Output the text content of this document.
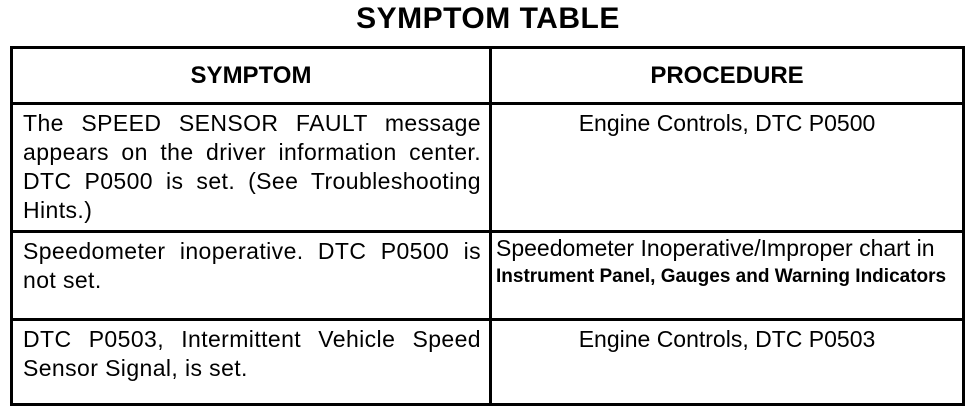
SYMPTOM TABLE
SYMPTOM	PROCEDURE
The SPEED SENSOR FAULT message appears on the driver information center. DTC P0500 is set. (See Troubleshooting Hints.)
Engine Controls, DTC P0500
Speedometer inoperative. DTC P0500 is not set.
Speedometer Inoperative/Improper chart in Instrument Panel, Gauges and Warning Indicators
DTC P0503, Intermittent Vehicle Speed Sensor Signal, is set.
Engine Controls, DTC P0503
